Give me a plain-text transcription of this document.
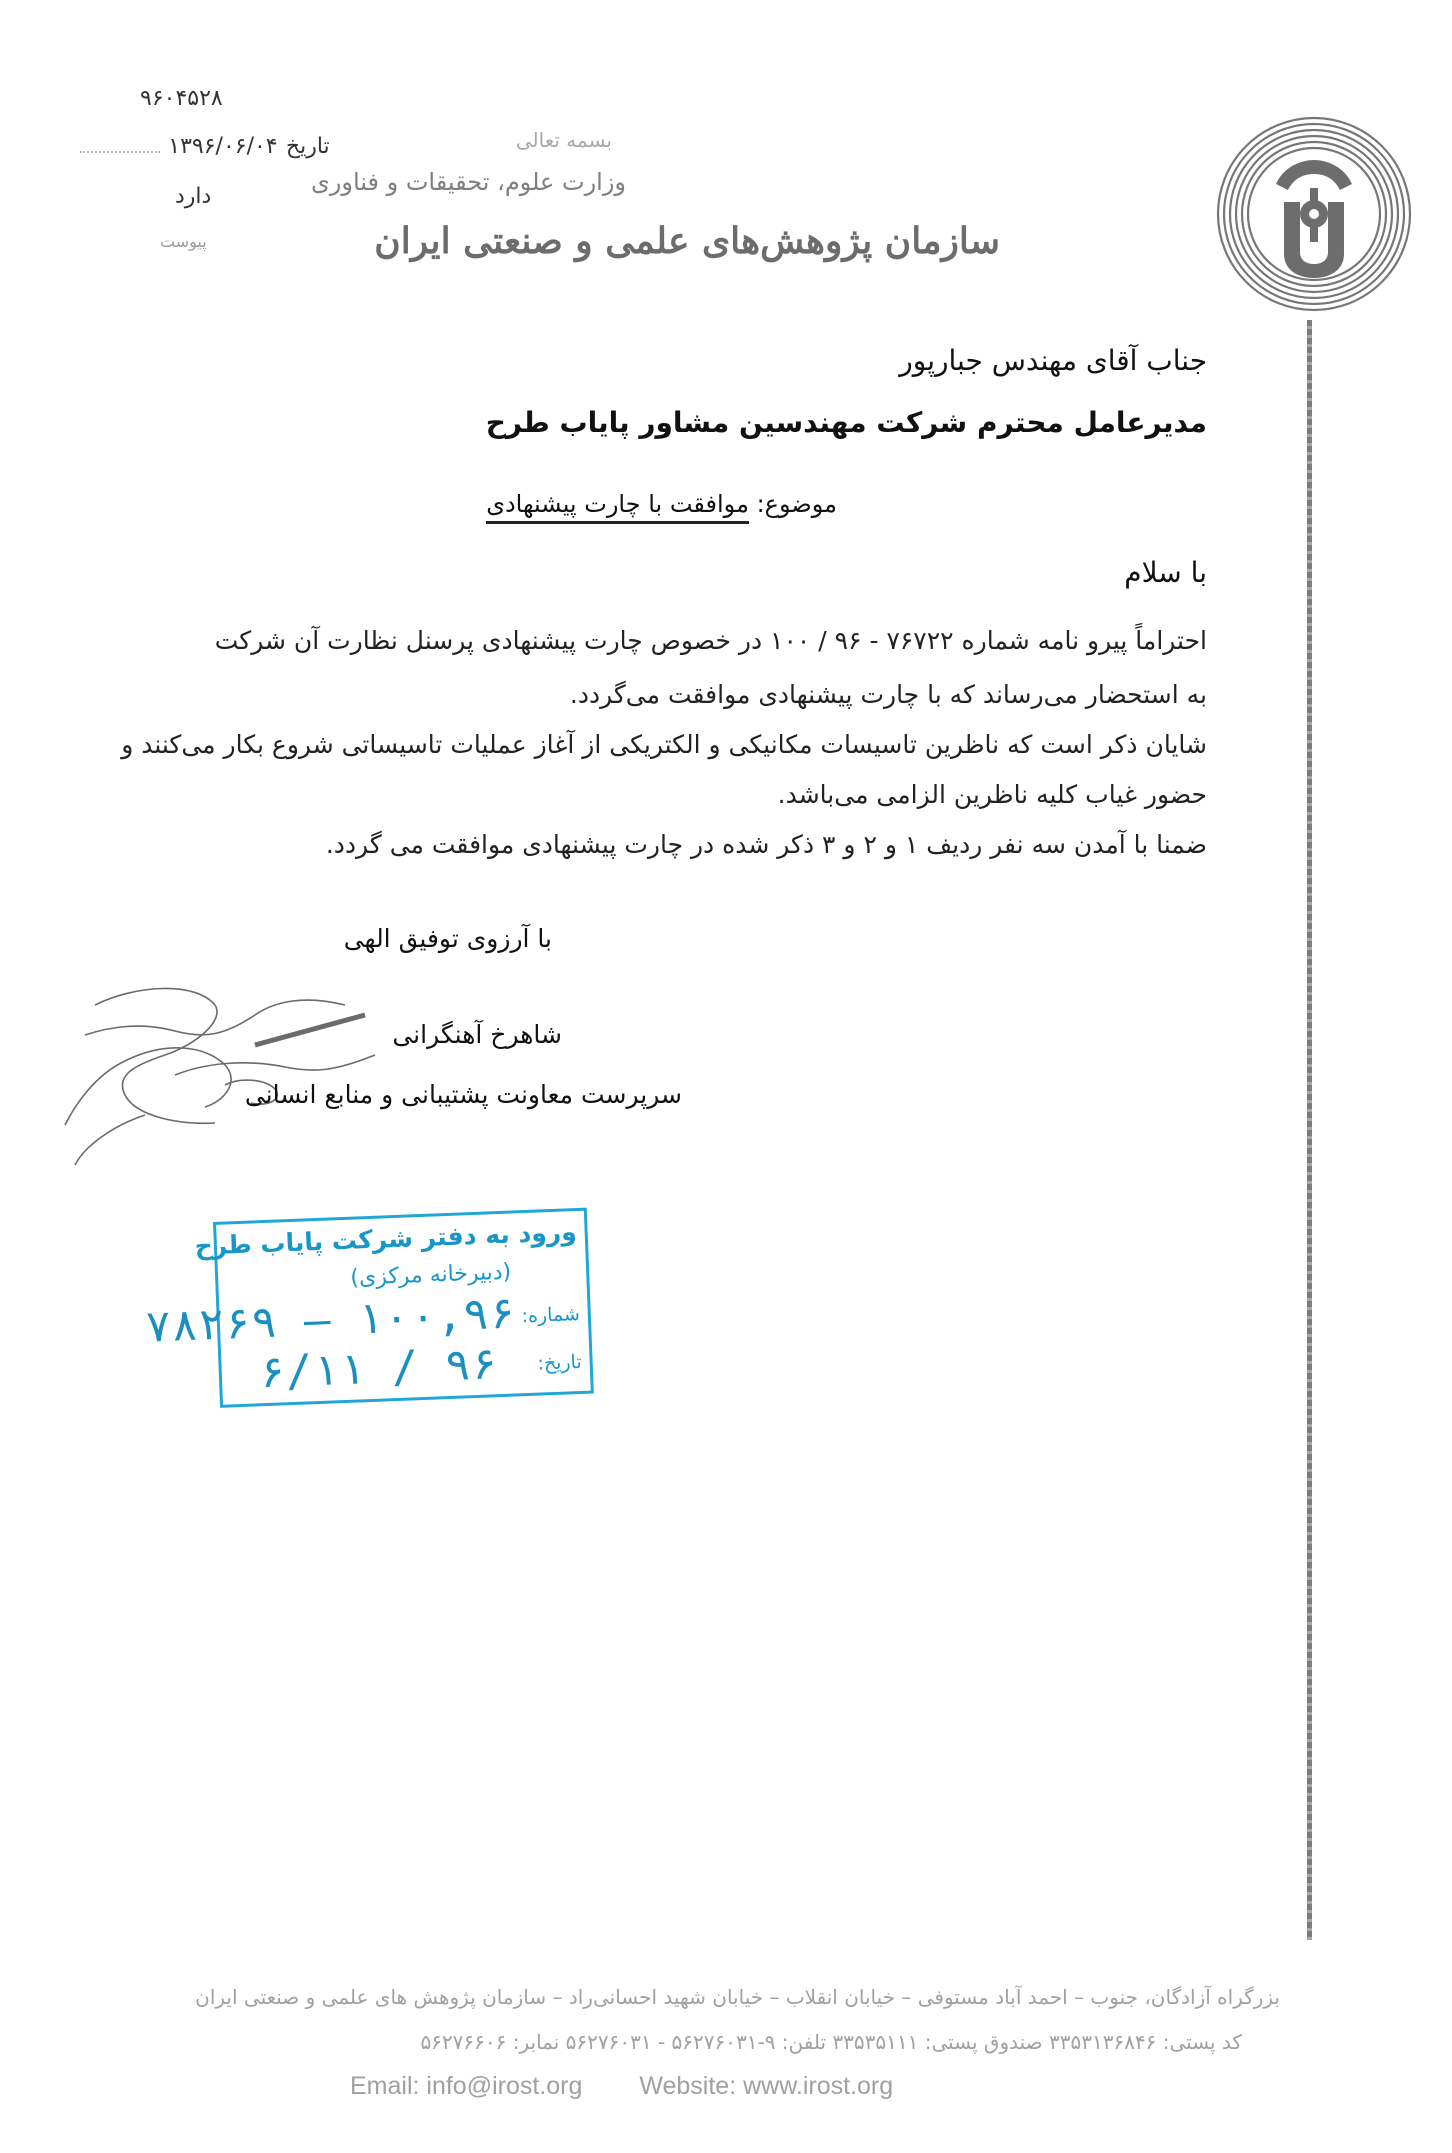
۹۶۰۴۵۲۸
تاریخ ۱۳۹۶/۰۶/۰۴
دارد
پیوست
بسمه تعالی
وزارت علوم، تحقیقات و فناوری
سازمان پژوهش‌های علمی و صنعتی ایران
جناب آقای مهندس جبارپور
مدیرعامل محترم شرکت مهندسین مشاور پایاب طرح
موضوع: موافقت با چارت پیشنهادی
با سلام
احتراماً پیرو نامه شماره ۷۶۷۲۲ - ۹۶ / ۱۰۰ در خصوص چارت پیشنهادی پرسنل نظارت آن شرکت
به استحضار می‌رساند که با چارت پیشنهادی موافقت می‌گردد.
شایان ذکر است که ناظرین تاسیسات مکانیکی و الکتریکی از آغاز عملیات تاسیساتی شروع بکار می‌کنند و
حضور غیاب کلیه ناظرین الزامی می‌باشد.
ضمنا با آمدن سه نفر ردیف ۱ و ۲ و ۳ ذکر شده در چارت پیشنهادی موافقت می گردد.
با آرزوی توفیق الهی
شاهرخ آهنگرانی
سرپرست معاونت پشتیبانی و منابع انسانی
ورود به دفتر شرکت پایاب طرح
(دبیرخانه مرکزی)
شماره:
۱۰۰,۹۶ — ۷۸۲۶۹
تاریخ:
۹۶ / ۶/۱۱
بزرگراه آزادگان، جنوب – احمد آباد مستوفی – خیابان انقلاب – خیابان شهید احسانی‌راد – سازمان پژوهش های علمی و صنعتی ایران
کد پستی: ۳۳۵۳۱۳۶۸۴۶ صندوق پستی: ۳۳۵۳۵۱۱۱ تلفن: ۹-۵۶۲۷۶۰۳۱ - ۵۶۲۷۶۰۳۱ نمابر: ۵۶۲۷۶۶۰۶
Email: info@irost.org Website: www.irost.org
